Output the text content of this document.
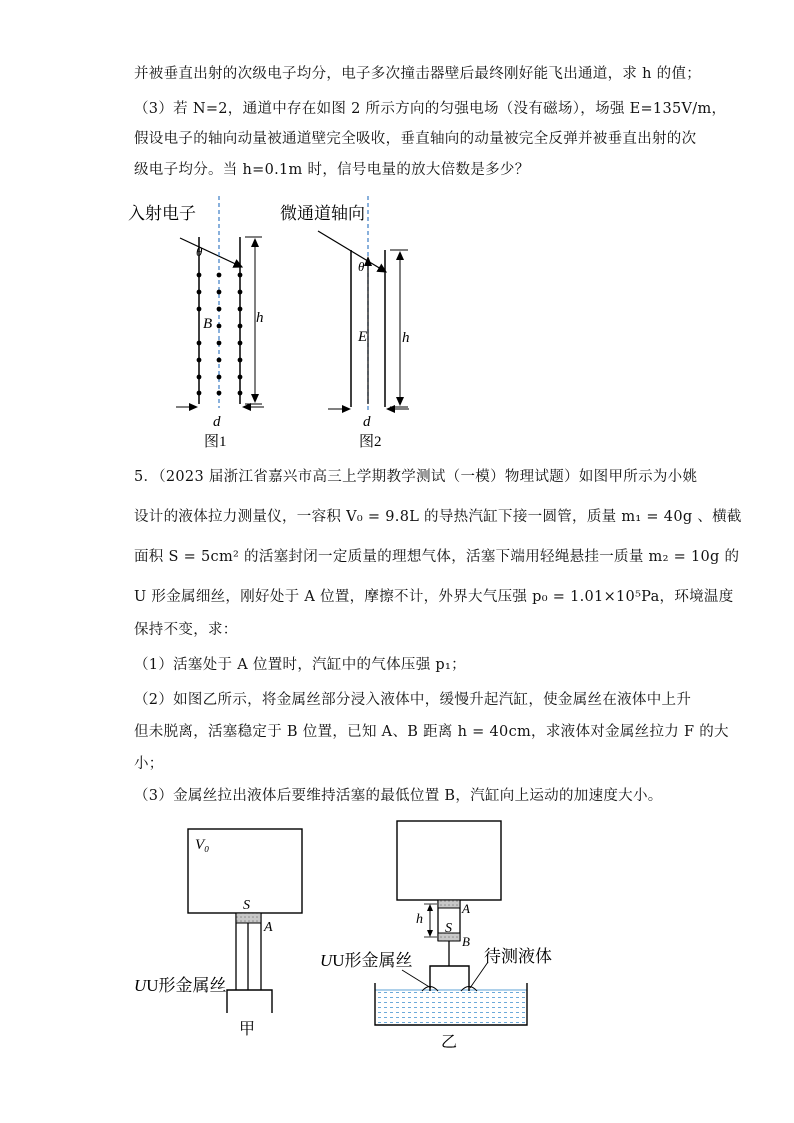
并被垂直出射的次级电子均分，电子多次撞击器壁后最终刚好能飞出通道，求 h 的值；
（3）若 N=2，通道中存在如图 2 所示方向的匀强电场（没有磁场），场强 E=135V/m，
假设电子的轴向动量被通道壁完全吸收，垂直轴向的动量被完全反弹并被垂直出射的次
级电子均分。当 h=0.1m 时，信号电量的放大倍数是多少？
入射电子
θ
B	h
d
图1
微通道轴向
θ
E h
d
图2
5．（2023 届浙江省嘉兴市高三上学期教学测试（一模）物理试题）如图甲所示为小姚
设计的液体拉力测量仪，一容积 V₀ = 9.8L 的导热汽缸下接一圆管，质量 m₁ = 40g 、横截
面积 S = 5cm² 的活塞封闭一定质量的理想气体，活塞下端用轻绳悬挂一质量 m₂ = 10g 的
U 形金属细丝，刚好处于 A 位置，摩擦不计，外界大气压强 p₀ = 1.01×10⁵Pa，环境温度
保持不变，求：
（1）活塞处于 A 位置时，汽缸中的气体压强 p₁；
（2）如图乙所示，将金属丝部分浸入液体中，缓慢升起汽缸，使金属丝在液体中上升
但未脱离，活塞稳定于 B 位置，已知 A、B 距离 h = 40cm，求液体对金属丝拉力 F 的大
小；
（3）金属丝拉出液体后要维持活塞的最低位置 B，汽缸向上运动的加速度大小。
V₀
S
A
UU形金属丝
甲
A
S
B
h
UU形金属丝	待测液体
乙
